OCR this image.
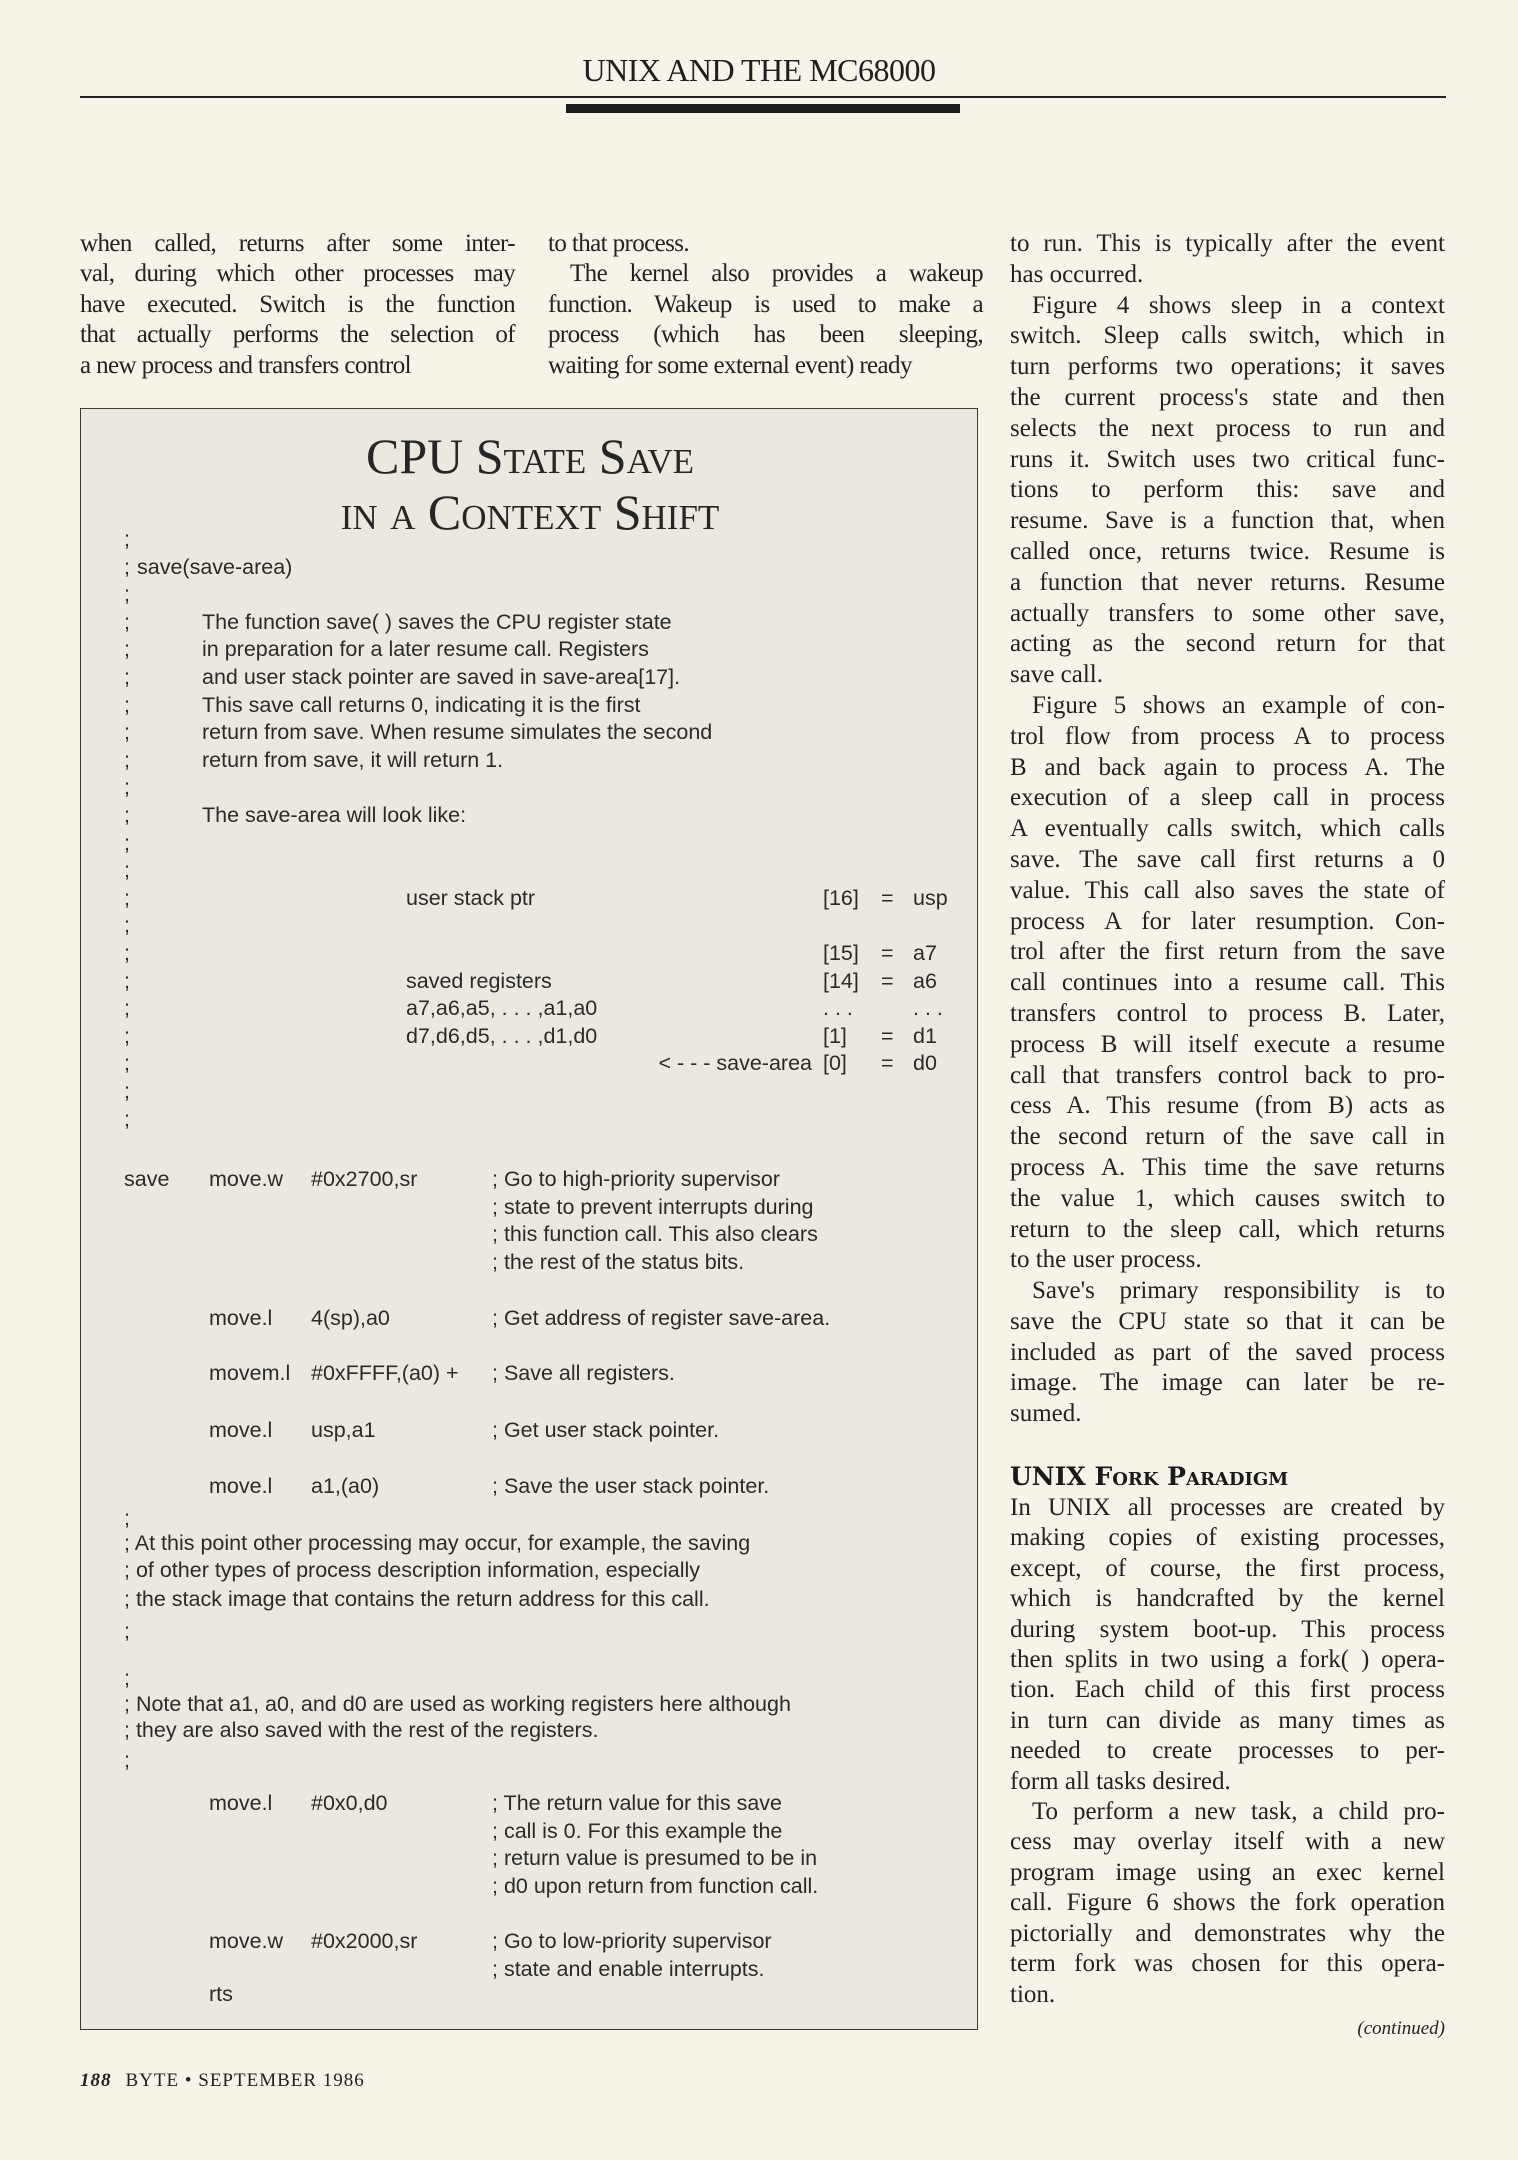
UNIX AND THE MC68000
when called, returns after some inter-
val, during which other processes may
have executed. Switch is the function
that actually performs the selection of
a new process and transfers control
to that process.
The kernel also provides a wakeup
function. Wakeup is used to make a
process (which has been sleeping,
waiting for some external event) ready
to run. This is typically after the event
has occurred.
Figure 4 shows sleep in a context
switch. Sleep calls switch, which in
turn performs two operations; it saves
the current process's state and then
selects the next process to run and
runs it. Switch uses two critical func-
tions to perform this: save and
resume. Save is a function that, when
called once, returns twice. Resume is
a function that never returns. Resume
actually transfers to some other save,
acting as the second return for that
save call.
Figure 5 shows an example of con-
trol flow from process A to process
B and back again to process A. The
execution of a sleep call in process
A eventually calls switch, which calls
save. The save call first returns a 0
value. This call also saves the state of
process A for later resumption. Con-
trol after the first return from the save
call continues into a resume call. This
transfers control to process B. Later,
process B will itself execute a resume
call that transfers control back to pro-
cess A. This resume (from B) acts as
the second return of the save call in
process A. This time the save returns
the value 1, which causes switch to
return to the sleep call, which returns
to the user process.
Save's primary responsibility is to
save the CPU state so that it can be
included as part of the saved process
image. The image can later be re-
sumed.
UNIX Fork Paradigm
In UNIX all processes are created by
making copies of existing processes,
except, of course, the first process,
which is handcrafted by the kernel
during system boot-up. This process
then splits in two using a fork( ) opera-
tion. Each child of this first process
in turn can divide as many times as
needed to create processes to per-
form all tasks desired.
To perform a new task, a child pro-
cess may overlay itself with a new
program image using an exec kernel
call. Figure 6 shows the fork operation
pictorially and demonstrates why the
term fork was chosen for this opera-
tion.
(continued)
CPU State Save
in a Context Shift
;
; save(save-area)
;
;	The function save( ) saves the CPU register state
;	in preparation for a later resume call. Registers
;	and user stack pointer are saved in save-area[17].
;	This save call returns 0, indicating it is the first
;	return from save. When resume simulates the second
;	return from save, it will return 1.
;
;	The save-area will look like:
;
;
;	user stack ptr	[16] = usp
;
;	[15] = a7
;	saved registers	[14] = a6
;	a7,a6,a5, . . . ,a1,a0	. . .	. . .
;	d7,d6,d5, . . . ,d1,d0	[1] = d1
;	< - - - save-area [0] = d0
;
;
save move.w #0x2700,sr	; Go to high-priority supervisor
; state to prevent interrupts during
; this function call. This also clears
; the rest of the status bits.
move.l 4(sp),a0	; Get address of register save-area.
movem.l #0xFFFF,(a0) + ; Save all registers.
move.l usp,a1	; Get user stack pointer.
move.l a1,(a0)	; Save the user stack pointer.
move.l #0x0,d0	; The return value for this save
; call is 0. For this example the
; return value is presumed to be in
; d0 upon return from function call.
move.w #0x2000,sr	; Go to low-priority supervisor
; state and enable interrupts.
rts
;
; At this point other processing may occur, for example, the saving
; of other types of process description information, especially
; the stack image that contains the return address for this call.
;
;
; Note that a1, a0, and d0 are used as working registers here although
; they are also saved with the rest of the registers.
;
188 BYTE • SEPTEMBER 1986
